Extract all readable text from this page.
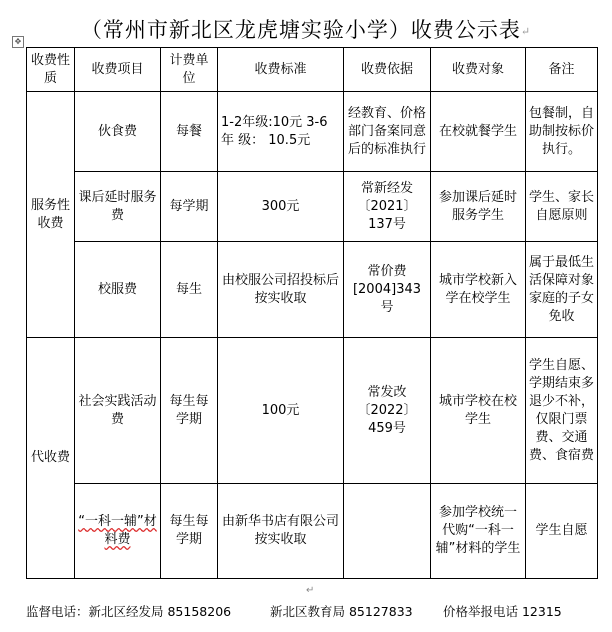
（常州市新北区龙虎塘实验小学）收费公示表↵
✥
收费性质	收费项目	计费单位	收费标准	收费依据	收费对象	备注
服务性收费	伙食费	每餐	1-2年级:10元 3-6 年 级： 10.5元	经教育、价格部门备案同意后的标准执行	在校就餐学生	包餐制，自助制按标价执行。
	课后延时服务费	每学期	300元	常新经发〔2021〕137号	参加课后延时服务学生	学生、家长自愿原则
	校服费	每生	由校服公司招投标后按实收取	常价费[2004]343号	城市学校新入学在校学生	属于最低生活保障对象家庭的子女免收
代收费	社会实践活动费	每生每学期	100元	常发改〔2022〕459号	城市学校在校学生	学生自愿、学期结束多退少不补，仅限门票费、交通费、食宿费
	“一科一辅”材料费	每生每学期	由新华书店有限公司按实收取		参加学校统一代购“一科一辅”材料的学生	学生自愿
↵
监督电话：新北区经发局 85158206	新北区教育局 85127833 价格举报电话 12315
